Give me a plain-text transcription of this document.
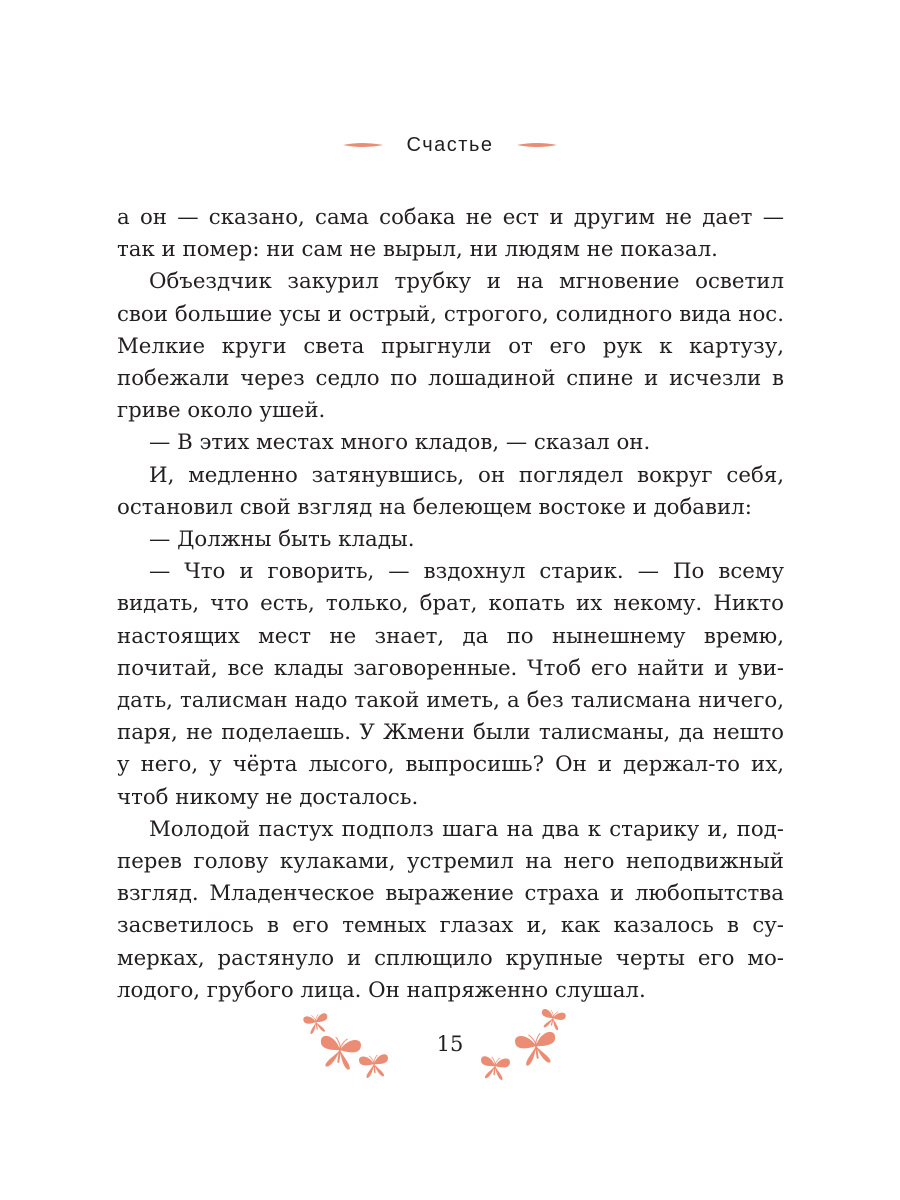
Счастье

а он — сказано, сама собака не ест и другим не дает — так и помер: ни сам не вырыл, ни людям не показал.

Объездчик закурил трубку и на мгновение осветил свои большие усы и острый, строгого, солидного вида нос. Мелкие круги света прыгнули от его рук к картузу, побежали через седло по лошадиной спине и исчезли в гриве около ушей.

— В этих местах много кладов, — сказал он.

И, медленно затянувшись, он поглядел вокруг себя, остановил свой взгляд на белеющем востоке и добавил:

— Должны быть клады.

— Что и говорить, — вздохнул старик. — По всему видать, что есть, только, брат, копать их некому. Никто настоящих мест не знает, да по нынешнему времю, почитай, все клады заговоренные. Чтоб его найти и увидать, талисман надо такой иметь, а без талисмана ничего, паря, не поделаешь. У Жмени были талисманы, да нешто у него, у чёрта лысого, выпросишь? Он и держал-то их, чтоб никому не досталось.

Молодой пастух подполз шага на два к старику и, подперев голову кулаками, устремил на него неподвижный взгляд. Младенческое выражение страха и любопытства засветилось в его темных глазах и, как казалось в сумерках, растянуло и сплющило крупные черты его молодого, грубого лица. Он напряженно слушал.

15
